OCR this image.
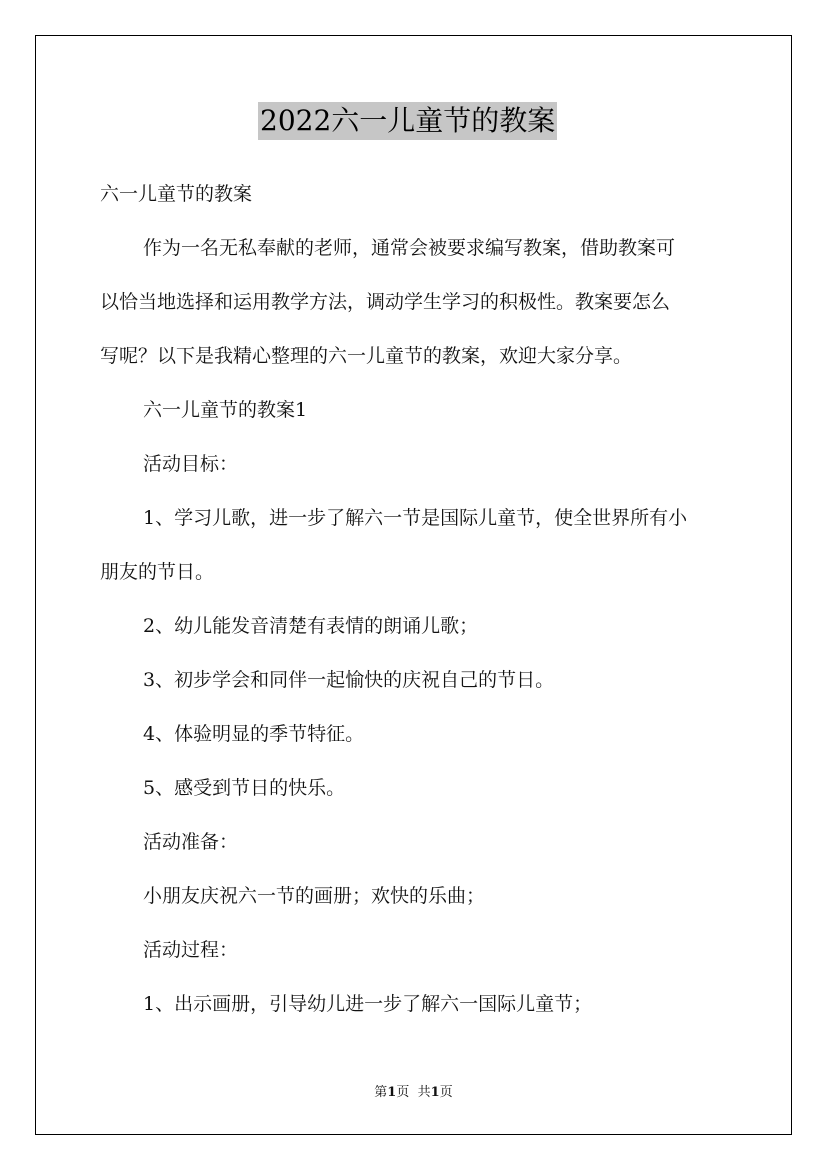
2022六一儿童节的教案

六一儿童节的教案

作为一名无私奉献的老师，通常会被要求编写教案，借助教案可

以恰当地选择和运用教学方法，调动学生学习的积极性。教案要怎么

写呢？以下是我精心整理的六一儿童节的教案，欢迎大家分享。

六一儿童节的教案1

活动目标：

1、学习儿歌，进一步了解六一节是国际儿童节，使全世界所有小

朋友的节日。

2、幼儿能发音清楚有表情的朗诵儿歌；

3、初步学会和同伴一起愉快的庆祝自己的节日。

4、体验明显的季节特征。

5、感受到节日的快乐。

活动准备：

小朋友庆祝六一节的画册；欢快的乐曲；

活动过程：

1、出示画册，引导幼儿进一步了解六一国际儿童节；

第1页 共1页
